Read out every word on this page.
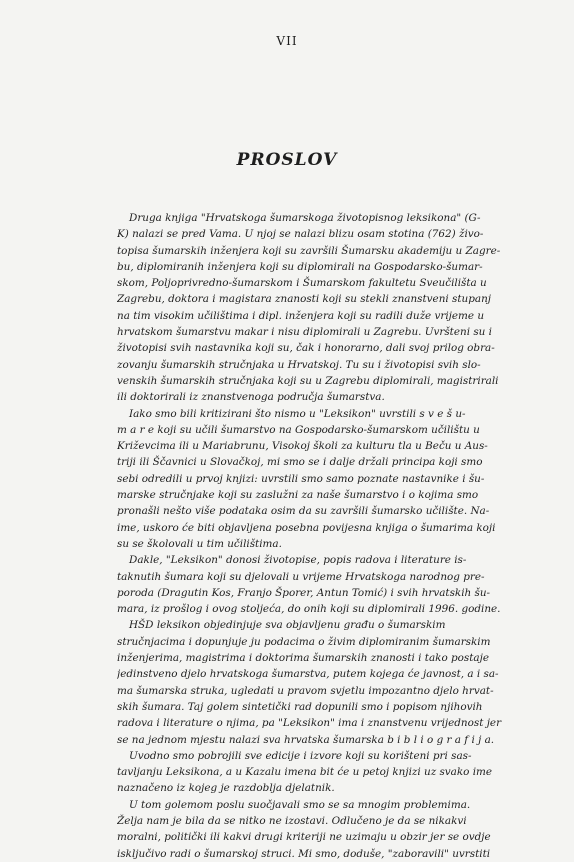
VII
PROSLOV
Druga knjiga "Hrvatskoga šumarskoga životopisnog leksikona" (G-
K) nalazi se pred Vama. U njoj se nalazi blizu osam stotina (762) živo-
topisa šumarskih inženjera koji su završili Šumarsku akademiju u Zagre-
bu, diplomiranih inženjera koji su diplomirali na Gospodarsko-šumar-
skom, Poljoprivredno-šumarskom i Šumarskom fakultetu Sveučilišta u
Zagrebu, doktora i magistara znanosti koji su stekli znanstveni stupanj
na tim visokim učilištima i dipl. inženjera koji su radili duže vrijeme u
hrvatskom šumarstvu makar i nisu diplomirali u Zagrebu. Uvršteni su i
životopisi svih nastavnika koji su, čak i honorarno, dali svoj prilog obra-
zovanju šumarskih stručnjaka u Hrvatskoj. Tu su i životopisi svih slo-
venskih šumarskih stručnjaka koji su u Zagrebu diplomirali, magistrirali
ili doktorirali iz znanstvenoga područja šumarstva.
Iako smo bili kritizirani što nismo u "Leksikon" uvrstili s v e š u-
m a r e koji su učili šumarstvo na Gospodarsko-šumarskom učilištu u
Križevcima ili u Mariabrunu, Visokoj školi za kulturu tla u Beču u Aus-
triji ili Ščavnici u Slovačkoj, mi smo se i dalje držali principa koji smo
sebi odredili u prvoj knjizi: uvrstili smo samo poznate nastavnike i šu-
marske stručnjake koji su zaslužni za naše šumarstvo i o kojima smo
pronašli nešto više podataka osim da su završili šumarsko učilište. Na-
ime, uskoro će biti objavljena posebna povijesna knjiga o šumarima koji
su se školovali u tim učilištima.
Dakle, "Leksikon" donosi životopise, popis radova i literature is-
taknutih šumara koji su djelovali u vrijeme Hrvatskoga narodnog pre-
poroda (Dragutin Kos, Franjo Šporer, Antun Tomić) i svih hrvatskih šu-
mara, iz prošlog i ovog stoljeća, do onih koji su diplomirali 1996. godine.
HŠD leksikon objedinjuje sva objavljenu građu o šumarskim
stručnjacima i dopunjuje ju podacima o živim diplomiranim šumarskim
inženjerima, magistrima i doktorima šumarskih znanosti i tako postaje
jedinstveno djelo hrvatskoga šumarstva, putem kojega će javnost, a i sa-
ma šumarska struka, ugledati u pravom svjetlu impozantno djelo hrvat-
skih šumara. Taj golem sintetički rad dopunili smo i popisom njihovih
radova i literature o njima, pa "Leksikon" ima i znanstvenu vrijednost jer
se na jednom mjestu nalazi sva hrvatska šumarska b i b l i o g r a f i j a.
Uvodno smo pobrojili sve edicije i izvore koji su korišteni pri sas-
tavljanju Leksikona, a u Kazalu imena bit će u petoj knjizi uz svako ime
naznačeno iz kojeg je razdoblja djelatnik.
U tom golemom poslu suočjavali smo se sa mnogim problemima.
Želja nam je bila da se nitko ne izostavi. Odlučeno je da se nikakvi
moralni, politički ili kakvi drugi kriteriji ne uzimaju u obzir jer se ovdje
isključivo radi o šumarskoj struci. Mi smo, dodušе, "zaboravili" uvrstiti
